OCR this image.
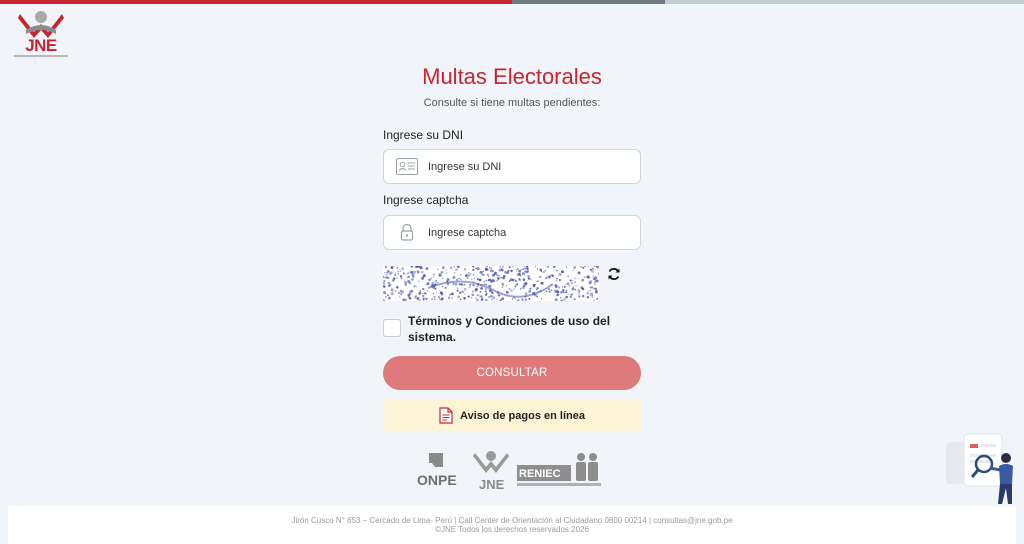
JNE
Multas Electorales
Consulte si tiene multas pendientes:
Ingrese su DNI
Ingrese su DNI
Ingrese captcha
Ingrese captcha
Términos y Condiciones de uso del sistema.
CONSULTAR
Aviso de pagos en línea
ONPE JNE
RENIEC
Jirón Cusco N° 653 – Cercado de Lima- Perú | Call Center de Orientación al Ciudadano 0800 00214 | consultas@jne.gob.pe
©JNE Todos los derechos reservados 2026
